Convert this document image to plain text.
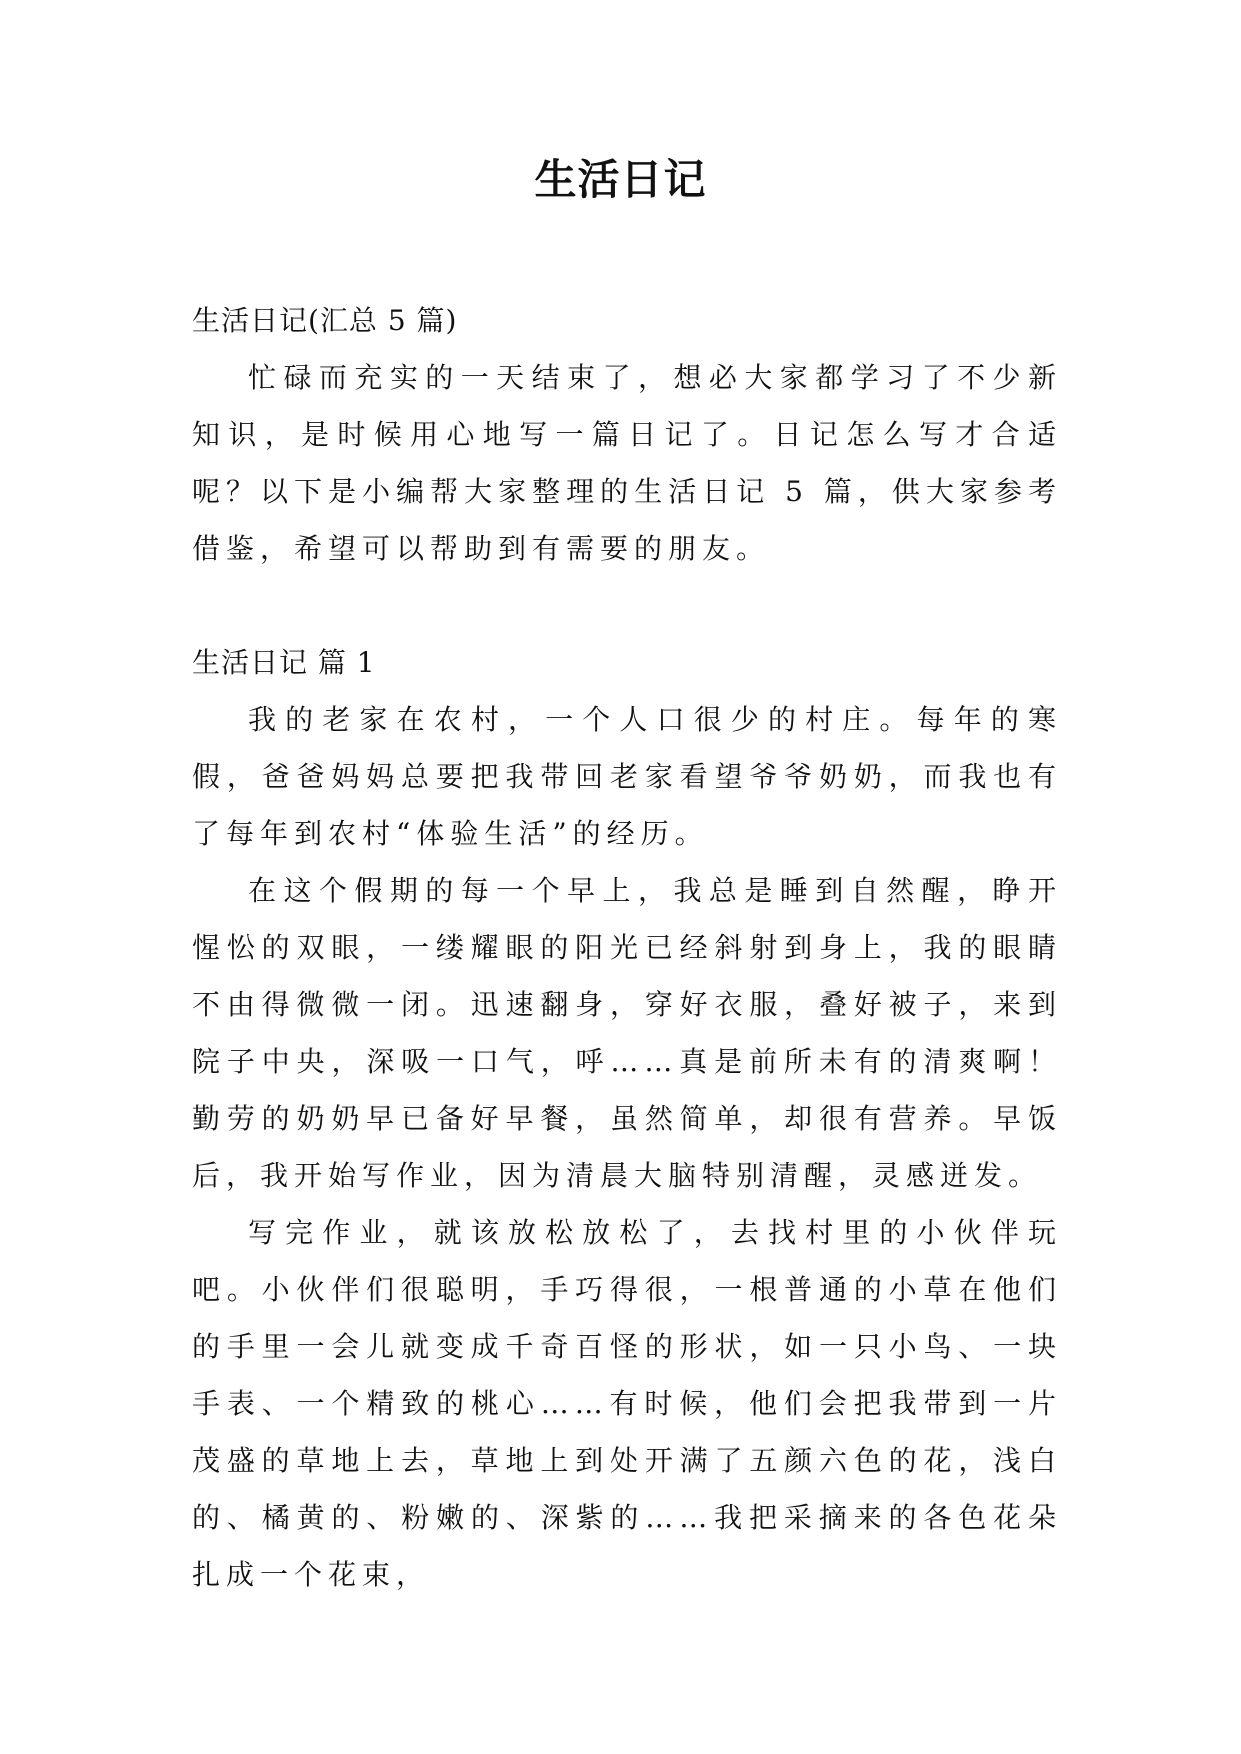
生活日记

生活日记(汇总 5 篇)

忙碌而充实的一天结束了，想必大家都学习了不少新知识，是时候用心地写一篇日记了。日记怎么写才合适呢？以下是小编帮大家整理的生活日记 5 篇，供大家参考借鉴，希望可以帮助到有需要的朋友。

生活日记 篇 1

我的老家在农村，一个人口很少的村庄。每年的寒假，爸爸妈妈总要把我带回老家看望爷爷奶奶，而我也有了每年到农村“体验生活”的经历。

在这个假期的每一个早上，我总是睡到自然醒，睁开惺忪的双眼，一缕耀眼的阳光已经斜射到身上，我的眼睛不由得微微一闭。迅速翻身，穿好衣服，叠好被子，来到院子中央，深吸一口气，呼……真是前所未有的清爽啊！勤劳的奶奶早已备好早餐，虽然简单，却很有营养。早饭后，我开始写作业，因为清晨大脑特别清醒，灵感迸发。

写完作业，就该放松放松了，去找村里的小伙伴玩吧。小伙伴们很聪明，手巧得很，一根普通的小草在他们的手里一会儿就变成千奇百怪的形状，如一只小鸟、一块手表、一个精致的桃心……有时候，他们会把我带到一片茂盛的草地上去，草地上到处开满了五颜六色的花，浅白的、橘黄的、粉嫩的、深紫的……我把采摘来的各色花朵扎成一个花束，
